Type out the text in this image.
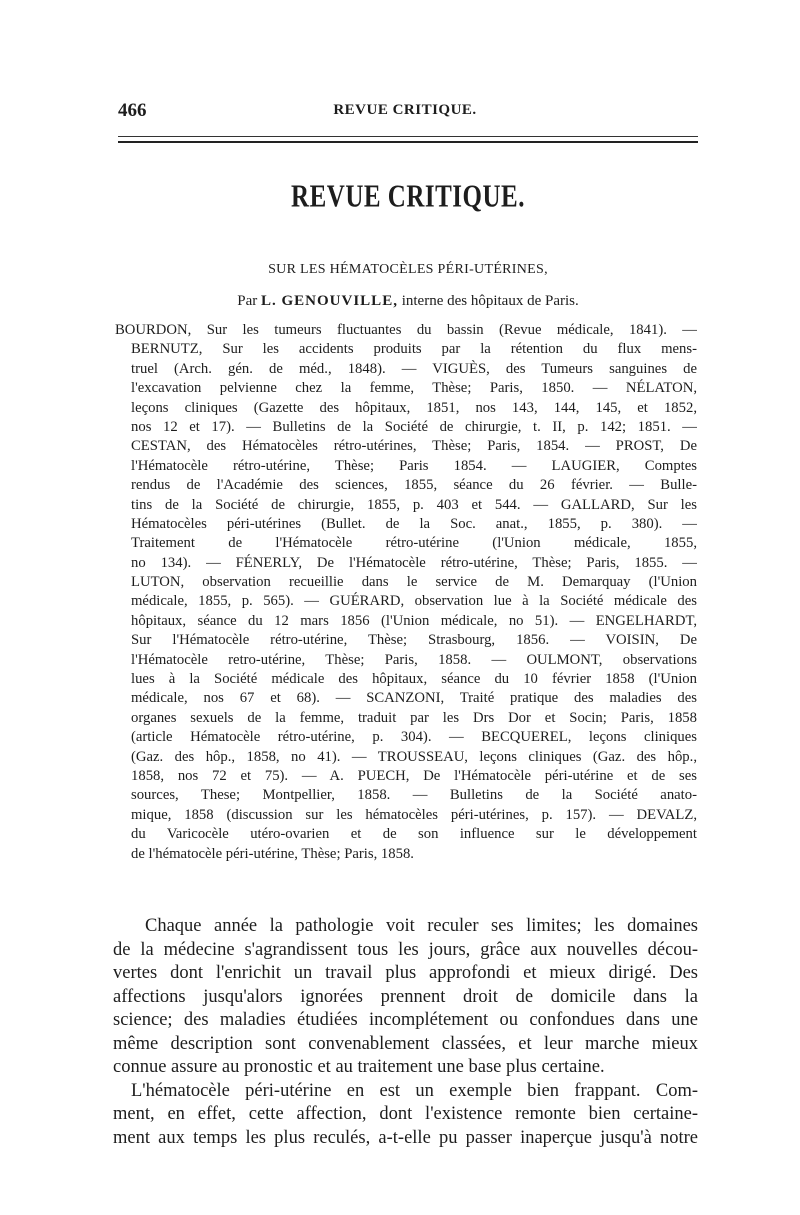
466	REVUE CRITIQUE.
REVUE CRITIQUE.
SUR LES HÉMATOCÈLES PÉRI-UTÉRINES,
Par L. GENOUVILLE, interne des hôpitaux de Paris.
BOURDON, Sur les tumeurs fluctuantes du bassin (Revue médicale, 1841). —
BERNUTZ, Sur les accidents produits par la rétention du flux mens-
truel (Arch. gén. de méd., 1848). — VIGUÈS, des Tumeurs sanguines de
l'excavation pelvienne chez la femme, Thèse; Paris, 1850. — NÉLATON,
leçons cliniques (Gazette des hôpitaux, 1851, nos 143, 144, 145, et 1852,
nos 12 et 17). — Bulletins de la Société de chirurgie, t. II, p. 142; 1851. —
CESTAN, des Hématocèles rétro-utérines, Thèse; Paris, 1854. — PROST, De
l'Hématocèle rétro-utérine, Thèse; Paris 1854. — LAUGIER, Comptes
rendus de l'Académie des sciences, 1855, séance du 26 février. — Bulle-
tins de la Société de chirurgie, 1855, p. 403 et 544. — GALLARD, Sur les
Hématocèles péri-utérines (Bullet. de la Soc. anat., 1855, p. 380). —
Traitement de l'Hématocèle rétro-utérine (l'Union médicale, 1855,
no 134). — FÉNERLY, De l'Hématocèle rétro-utérine, Thèse; Paris, 1855. —
LUTON, observation recueillie dans le service de M. Demarquay (l'Union
médicale, 1855, p. 565). — GUÉRARD, observation lue à la Société médicale des
hôpitaux, séance du 12 mars 1856 (l'Union médicale, no 51). — ENGELHARDT,
Sur l'Hématocèle rétro-utérine, Thèse; Strasbourg, 1856. — VOISIN, De
l'Hématocèle retro-utérine, Thèse; Paris, 1858. — OULMONT, observations
lues à la Société médicale des hôpitaux, séance du 10 février 1858 (l'Union
médicale, nos 67 et 68). — SCANZONI, Traité pratique des maladies des
organes sexuels de la femme, traduit par les Drs Dor et Socin; Paris, 1858
(article Hématocèle rétro-utérine, p. 304). — BECQUEREL, leçons cliniques
(Gaz. des hôp., 1858, no 41). — TROUSSEAU, leçons cliniques (Gaz. des hôp.,
1858, nos 72 et 75). — A. PUECH, De l'Hématocèle péri-utérine et de ses
sources, These; Montpellier, 1858. — Bulletins de la Société anato-
mique, 1858 (discussion sur les hématocèles péri-utérines, p. 157). — DEVALZ,
du Varicocèle utéro-ovarien et de son influence sur le développement
de l'hématocèle péri-utérine, Thèse; Paris, 1858.
Chaque année la pathologie voit reculer ses limites; les domaines
de la médecine s'agrandissent tous les jours, grâce aux nouvelles décou-
vertes dont l'enrichit un travail plus approfondi et mieux dirigé. Des
affections jusqu'alors ignorées prennent droit de domicile dans la
science; des maladies étudiées incomplétement ou confondues dans une
même description sont convenablement classées, et leur marche mieux
connue assure au pronostic et au traitement une base plus certaine.
L'hématocèle péri-utérine en est un exemple bien frappant. Com-
ment, en effet, cette affection, dont l'existence remonte bien certaine-
ment aux temps les plus reculés, a-t-elle pu passer inaperçue jusqu'à notre
